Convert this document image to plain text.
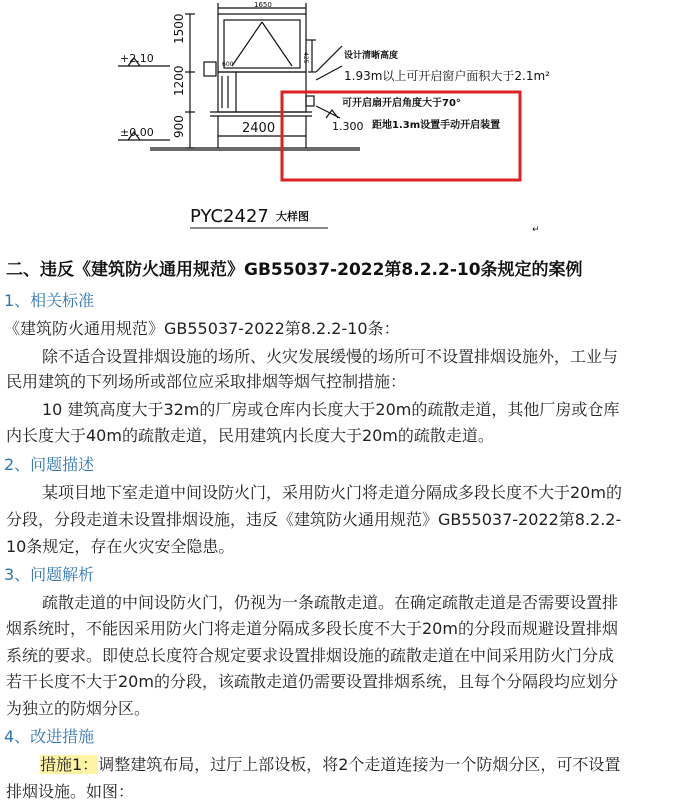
1650
1500
1200
900
600
425
2400
+2.10
±0.00	1.300
设计清晰高度
1.93m以上可开启窗户面积大于2.1m²
可开启扇开启角度大于70°
距地1.3m设置手动开启装置
PYC2427 大样图
↵
二、违反《建筑防火通用规范》GB55037-2022第8.2.2-10条规定的案例
1、相关标准
《建筑防火通用规范》GB55037-2022第8.2.2-10条：
除不适合设置排烟设施的场所、火灾发展缓慢的场所可不设置排烟设施外，工业与
民用建筑的下列场所或部位应采取排烟等烟气控制措施：
10 建筑高度大于32m的厂房或仓库内长度大于20m的疏散走道，其他厂房或仓库
内长度大于40m的疏散走道，民用建筑内长度大于20m的疏散走道。
2、问题描述
某项目地下室走道中间设防火门，采用防火门将走道分隔成多段长度不大于20m的
分段，分段走道未设置排烟设施，违反《建筑防火通用规范》GB55037-2022第8.2.2-
10条规定，存在火灾安全隐患。
3、问题解析
疏散走道的中间设防火门，仍视为一条疏散走道。在确定疏散走道是否需要设置排
烟系统时，不能因采用防火门将走道分隔成多段长度不大于20m的分段而规避设置排烟
系统的要求。即使总长度符合规定要求设置排烟设施的疏散走道在中间采用防火门分成
若干长度不大于20m的分段，该疏散走道仍需要设置排烟系统，且每个分隔段均应划分
为独立的防烟分区。
4、改进措施
措施1：调整建筑布局，过厅上部设板，将2个走道连接为一个防烟分区，可不设置
排烟设施。如图：
